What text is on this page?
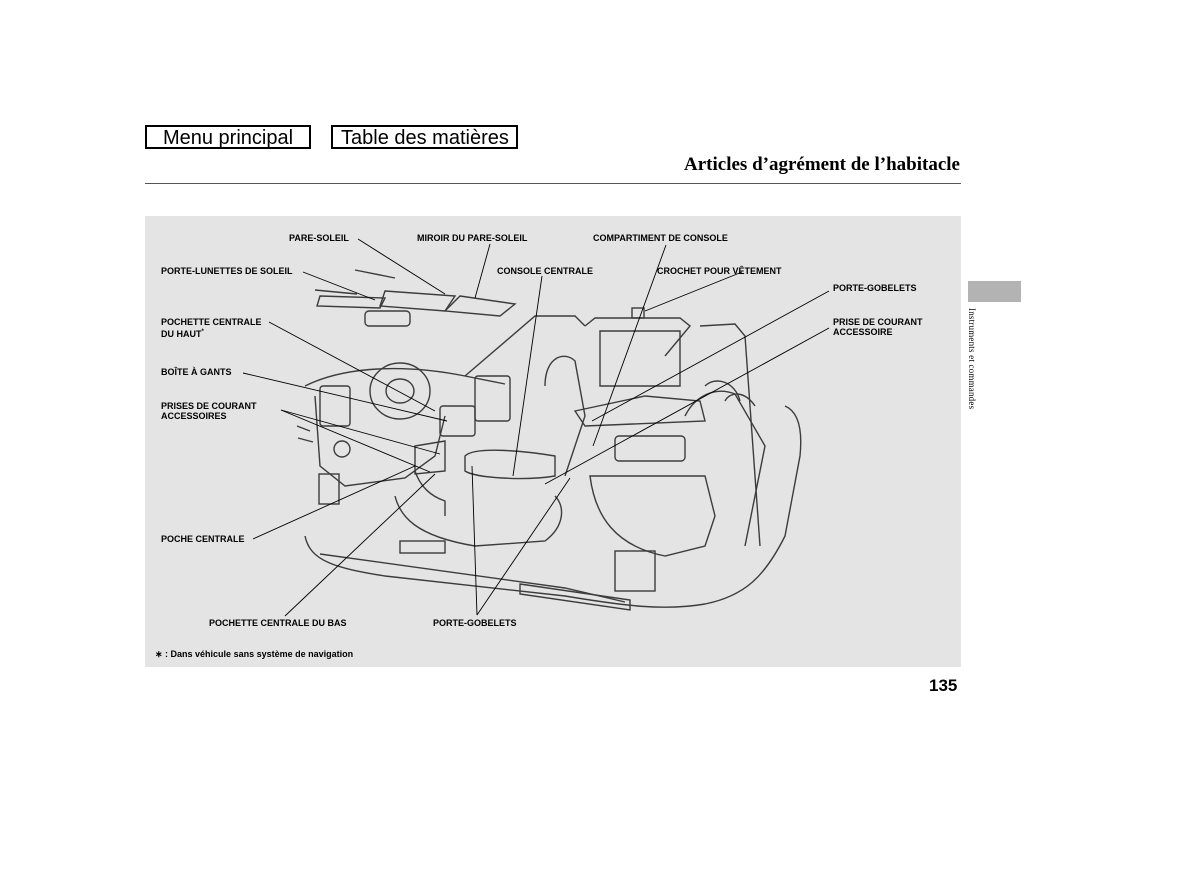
Menu principal	Table des matières
Articles d’agrément de l’habitacle
PARE-SOLEIL	MIROIR DU PARE-SOLEIL	COMPARTIMENT DE CONSOLE
PORTE-LUNETTES DE SOLEIL	CONSOLE CENTRALE	CROCHET POUR VÊTEMENT
PORTE-GOBELETS
POCHETTE CENTRALE
DU HAUT*
PRISE DE COURANT
ACCESSOIRE
BOÎTE À GANTS
PRISES DE COURANT
ACCESSOIRES
POCHE CENTRALE
POCHETTE CENTRALE DU BAS	PORTE-GOBELETS
∗ : Dans véhicule sans système de navigation
Instruments et commandes
135
